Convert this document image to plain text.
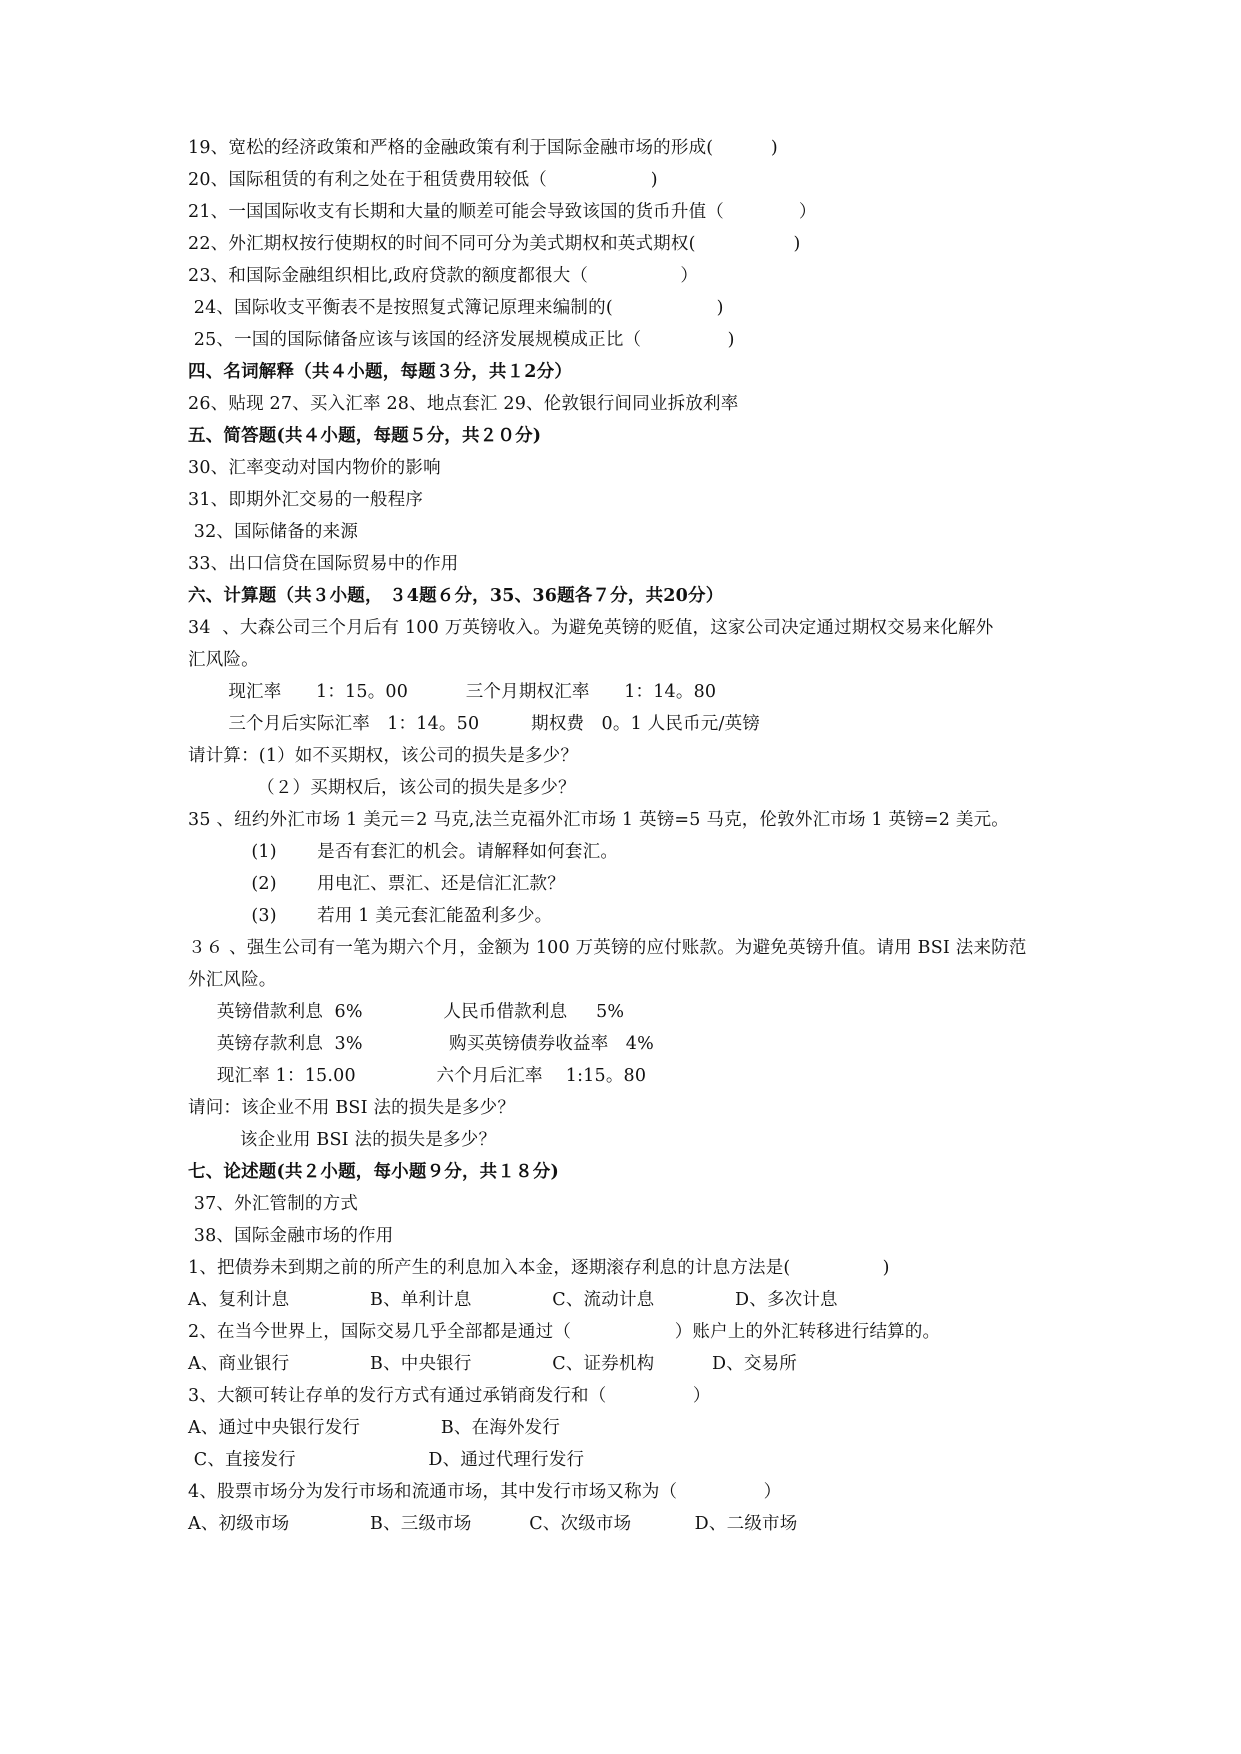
19、宽松的经济政策和严格的金融政策有利于国际金融市场的形成(          )
20、国际租赁的有利之处在于租赁费用较低（                  )
21、一国国际收支有长期和大量的顺差可能会导致该国的货币升值（             ）
22、外汇期权按行使期权的时间不同可分为美式期权和英式期权(                 )
23、和国际金融组织相比,政府贷款的额度都很大（                ）
24、国际收支平衡表不是按照复式簿记原理来编制的(                  )
25、一国的国际储备应该与该国的经济发展规模成正比（               )
四、名词解释（共４小题，每题３分，共１2分）
26、贴现 27、买入汇率 28、地点套汇 29、伦敦银行间同业拆放利率
五、简答题(共４小题，每题５分，共２０分)
30、汇率变动对国内物价的影响
31、即期外汇交易的一般程序
32、国际储备的来源
33、出口信贷在国际贸易中的作用
六、计算题（共３小题， ３4题６分，35、36题各７分，共20分）
34  、大森公司三个月后有 100 万英镑收入。为避免英镑的贬值，这家公司决定通过期权交易来化解外
汇风险。
现汇率      1：15。00          三个月期权汇率      1：14。80
三个月后实际汇率   1：14。50         期权费   0。1 人民币元/英镑
请计算：(1）如不买期权，该公司的损失是多少？
（２）买期权后，该公司的损失是多少？
35 、纽约外汇市场 1 美元＝2 马克,法兰克福外汇市场 1 英镑=5 马克，伦敦外汇市场 1 英镑=2 美元。
(1)       是否有套汇的机会。请解释如何套汇。
(2)       用电汇、票汇、还是信汇汇款？
(3)       若用 1 美元套汇能盈利多少。
３６ 、强生公司有一笔为期六个月，金额为 100 万英镑的应付账款。为避免英镑升值。请用 BSI 法来防范
外汇风险。
英镑借款利息  6%              人民币借款利息     5%
英镑存款利息  3%               购买英镑债券收益率   4%
现汇率 1：15.00              六个月后汇率    1:15。80
请问：该企业不用 BSI 法的损失是多少？
该企业用 BSI 法的损失是多少？
七、论述题(共２小题，每小题９分，共１８分)
37、外汇管制的方式
38、国际金融市场的作用
1、把债券未到期之前的所产生的利息加入本金，逐期滚存利息的计息方法是(                )
A、复利计息              B、单利计息              C、流动计息              D、多次计息
2、在当今世界上，国际交易几乎全部都是通过（                  ）账户上的外汇转移进行结算的。
A、商业银行              B、中央银行              C、证券机构          D、交易所
3、大额可转让存单的发行方式有通过承销商发行和（               ）
A、通过中央银行发行              B、在海外发行
C、直接发行                       D、通过代理行发行
4、股票市场分为发行市场和流通市场，其中发行市场又称为（               ）
A、初级市场              B、三级市场          C、次级市场           D、二级市场
